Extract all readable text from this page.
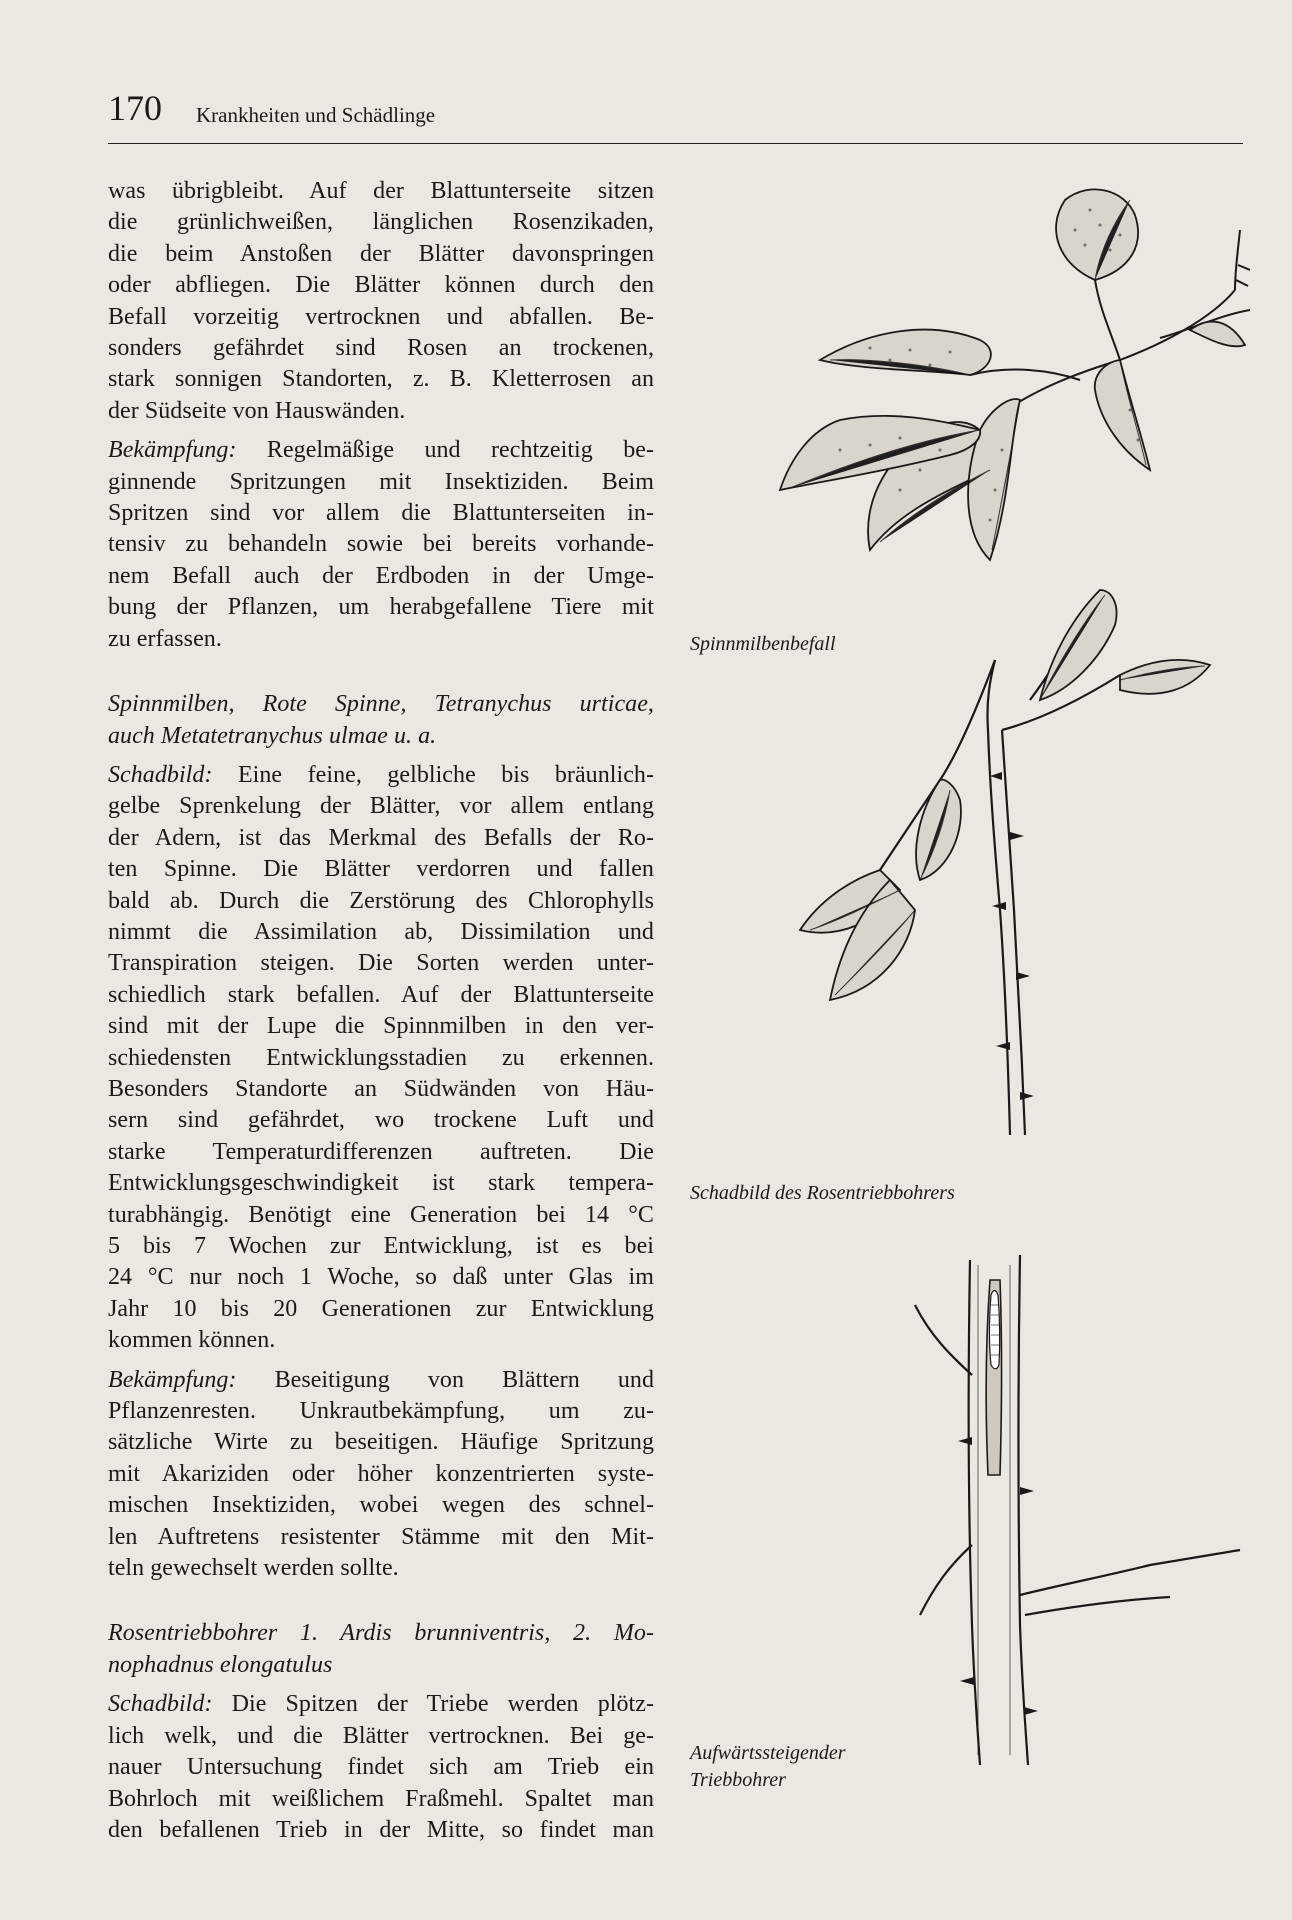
170 Krankheiten und Schädlinge

was übrigbleibt. Auf der Blattunterseite sitzen
die grünlichweißen, länglichen Rosenzikaden,
die beim Anstoßen der Blätter davonspringen
oder abfliegen. Die Blätter können durch den
Befall vorzeitig vertrocknen und abfallen. Be-
sonders gefährdet sind Rosen an trockenen,
stark sonnigen Standorten, z. B. Kletterrosen an
der Südseite von Hauswänden.

Bekämpfung: Regelmäßige und rechtzeitig be-
ginnende Spritzungen mit Insektiziden. Beim
Spritzen sind vor allem die Blattunterseiten in-
tensiv zu behandeln sowie bei bereits vorhande-
nem Befall auch der Erdboden in der Umge-
bung der Pflanzen, um herabgefallene Tiere mit
zu erfassen.

Spinnmilben, Rote Spinne, Tetranychus urticae,
auch Metatetranychus ulmae u. a.

Schadbild: Eine feine, gelbliche bis bräunlich-
gelbe Sprenkelung der Blätter, vor allem entlang
der Adern, ist das Merkmal des Befalls der Ro-
ten Spinne. Die Blätter verdorren und fallen
bald ab. Durch die Zerstörung des Chlorophylls
nimmt die Assimilation ab, Dissimilation und
Transpiration steigen. Die Sorten werden unter-
schiedlich stark befallen. Auf der Blattunterseite
sind mit der Lupe die Spinnmilben in den ver-
schiedensten Entwicklungsstadien zu erkennen.
Besonders Standorte an Südwänden von Häu-
sern sind gefährdet, wo trockene Luft und
starke Temperaturdifferenzen auftreten. Die
Entwicklungsgeschwindigkeit ist stark tempera-
turabhängig. Benötigt eine Generation bei 14 °C
5 bis 7 Wochen zur Entwicklung, ist es bei
24 °C nur noch 1 Woche, so daß unter Glas im
Jahr 10 bis 20 Generationen zur Entwicklung
kommen können.

Bekämpfung: Beseitigung von Blättern und
Pflanzenresten. Unkrautbekämpfung, um zu-
sätzliche Wirte zu beseitigen. Häufige Spritzung
mit Akariziden oder höher konzentrierten syste-
mischen Insektiziden, wobei wegen des schnel-
len Auftretens resistenter Stämme mit den Mit-
teln gewechselt werden sollte.

Rosentriebbohrer 1. Ardis brunniventris, 2. Mo-
nophadnus elongatulus

Schadbild: Die Spitzen der Triebe werden plötz-
lich welk, und die Blätter vertrocknen. Bei ge-
nauer Untersuchung findet sich am Trieb ein
Bohrloch mit weißlichem Fraßmehl. Spaltet man
den befallenen Trieb in der Mitte, so findet man

Spinnmilbenbefall
Schadbild des Rosentriebbohrers
Aufwärtssteigender
Triebbohrer
